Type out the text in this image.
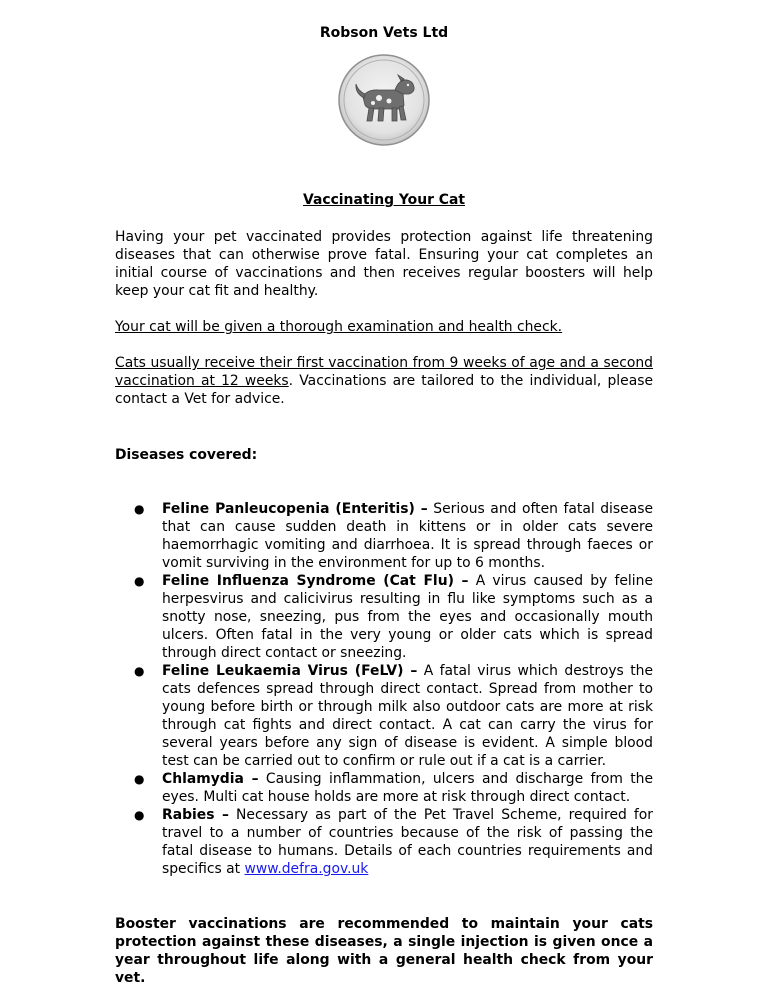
Robson Vets Ltd
Vaccinating Your Cat

Having your pet vaccinated provides protection against life threatening diseases that can otherwise prove fatal. Ensuring your cat completes an initial course of vaccinations and then receives regular boosters will help keep your cat fit and healthy.

Your cat will be given a thorough examination and health check.

Cats usually receive their first vaccination from 9 weeks of age and a second vaccination at 12 weeks. Vaccinations are tailored to the individual, please contact a Vet for advice.

Diseases covered:
● Feline Panleucopenia (Enteritis) – Serious and often fatal disease that can cause sudden death in kittens or in older cats severe haemorrhagic vomiting and diarrhoea. It is spread through faeces or vomit surviving in the environment for up to 6 months.
● Feline Influenza Syndrome (Cat Flu) – A virus caused by feline herpesvirus and calicivirus resulting in flu like symptoms such as a snotty nose, sneezing, pus from the eyes and occasionally mouth ulcers. Often fatal in the very young or older cats which is spread through direct contact or sneezing.
● Feline Leukaemia Virus (FeLV) – A fatal virus which destroys the cats defences spread through direct contact. Spread from mother to young before birth or through milk also outdoor cats are more at risk through cat fights and direct contact. A cat can carry the virus for several years before any sign of disease is evident. A simple blood test can be carried out to confirm or rule out if a cat is a carrier.
● Chlamydia – Causing inflammation, ulcers and discharge from the eyes. Multi cat house holds are more at risk through direct contact.
● Rabies – Necessary as part of the Pet Travel Scheme, required for travel to a number of countries because of the risk of passing the fatal disease to humans. Details of each countries requirements and specifics at www.defra.gov.uk

Booster vaccinations are recommended to maintain your cats protection against these diseases, a single injection is given once a year throughout life along with a general health check from your vet.
